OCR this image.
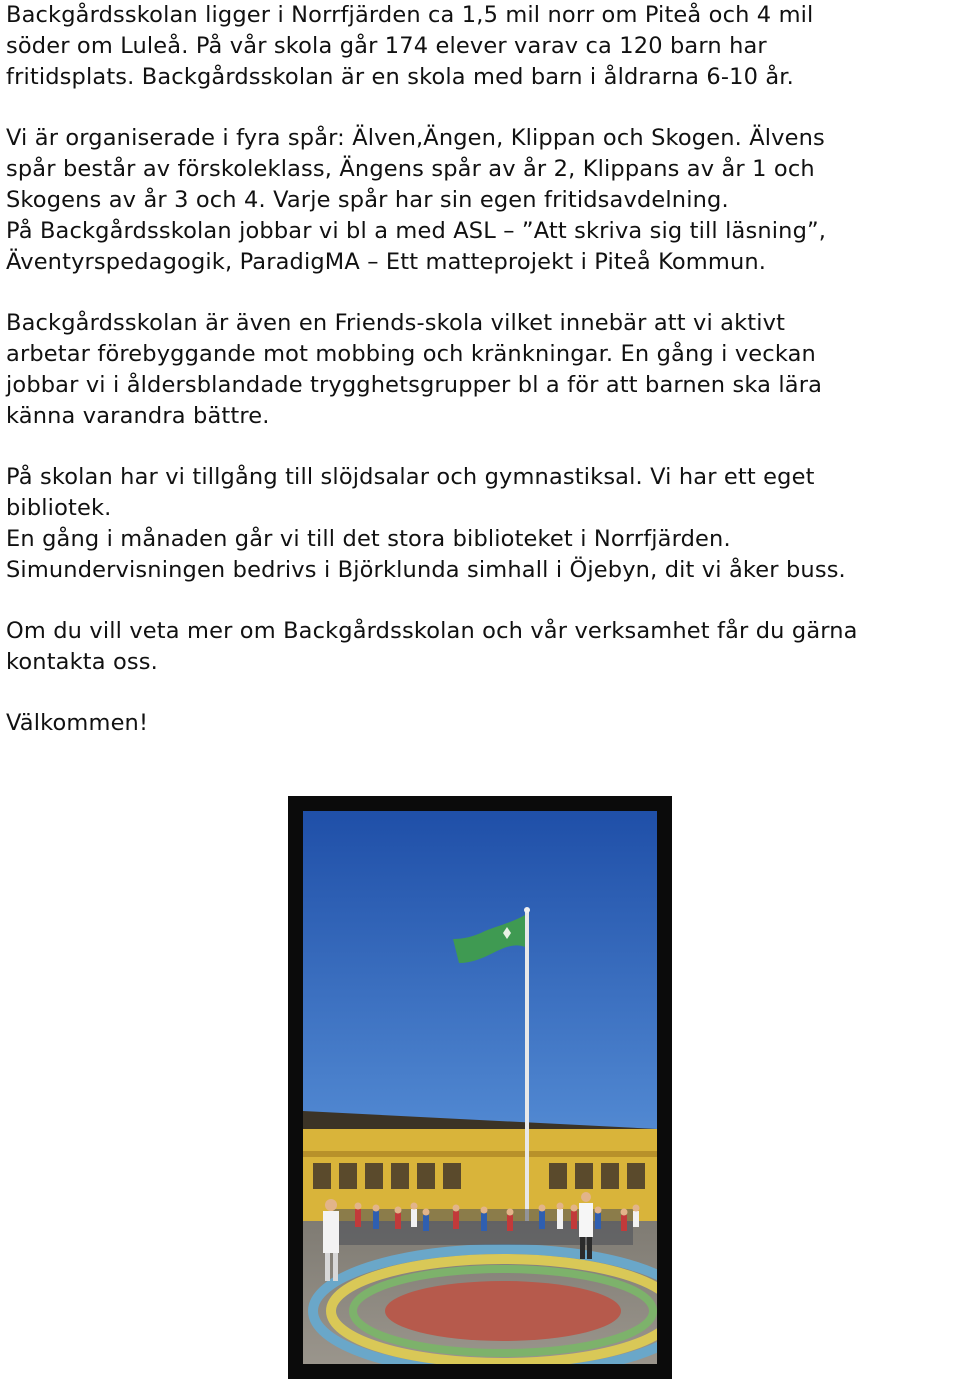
Backgårdsskolan ligger i Norrfjärden ca 1,5 mil norr om Piteå och 4 mil
söder om Luleå. På vår skola går 174 elever varav ca 120 barn har
fritidsplats. Backgårdsskolan är en skola med barn i åldrarna 6-10 år.

Vi är organiserade i fyra spår: Älven,Ängen, Klippan och Skogen. Älvens
spår består av förskoleklass, Ängens spår av år 2, Klippans av år 1 och
Skogens av år 3 och 4. Varje spår har sin egen fritidsavdelning.
På Backgårdsskolan jobbar vi bl a med ASL – ”Att skriva sig till läsning”,
Äventyrspedagogik, ParadigMA – Ett matteprojekt i Piteå Kommun.

Backgårdsskolan är även en Friends-skola vilket innebär att vi aktivt
arbetar förebyggande mot mobbing och kränkningar. En gång i veckan
jobbar vi i åldersblandade trygghetsgrupper bl a för att barnen ska lära
känna varandra bättre.

På skolan har vi tillgång till slöjdsalar och gymnastiksal. Vi har ett eget
bibliotek.
En gång i månaden går vi till det stora biblioteket i Norrfjärden.
Simundervisningen bedrivs i Björklunda simhall i Öjebyn, dit vi åker buss.

Om du vill veta mer om Backgårdsskolan och vår verksamhet får du gärna
kontakta oss.

Välkommen!
